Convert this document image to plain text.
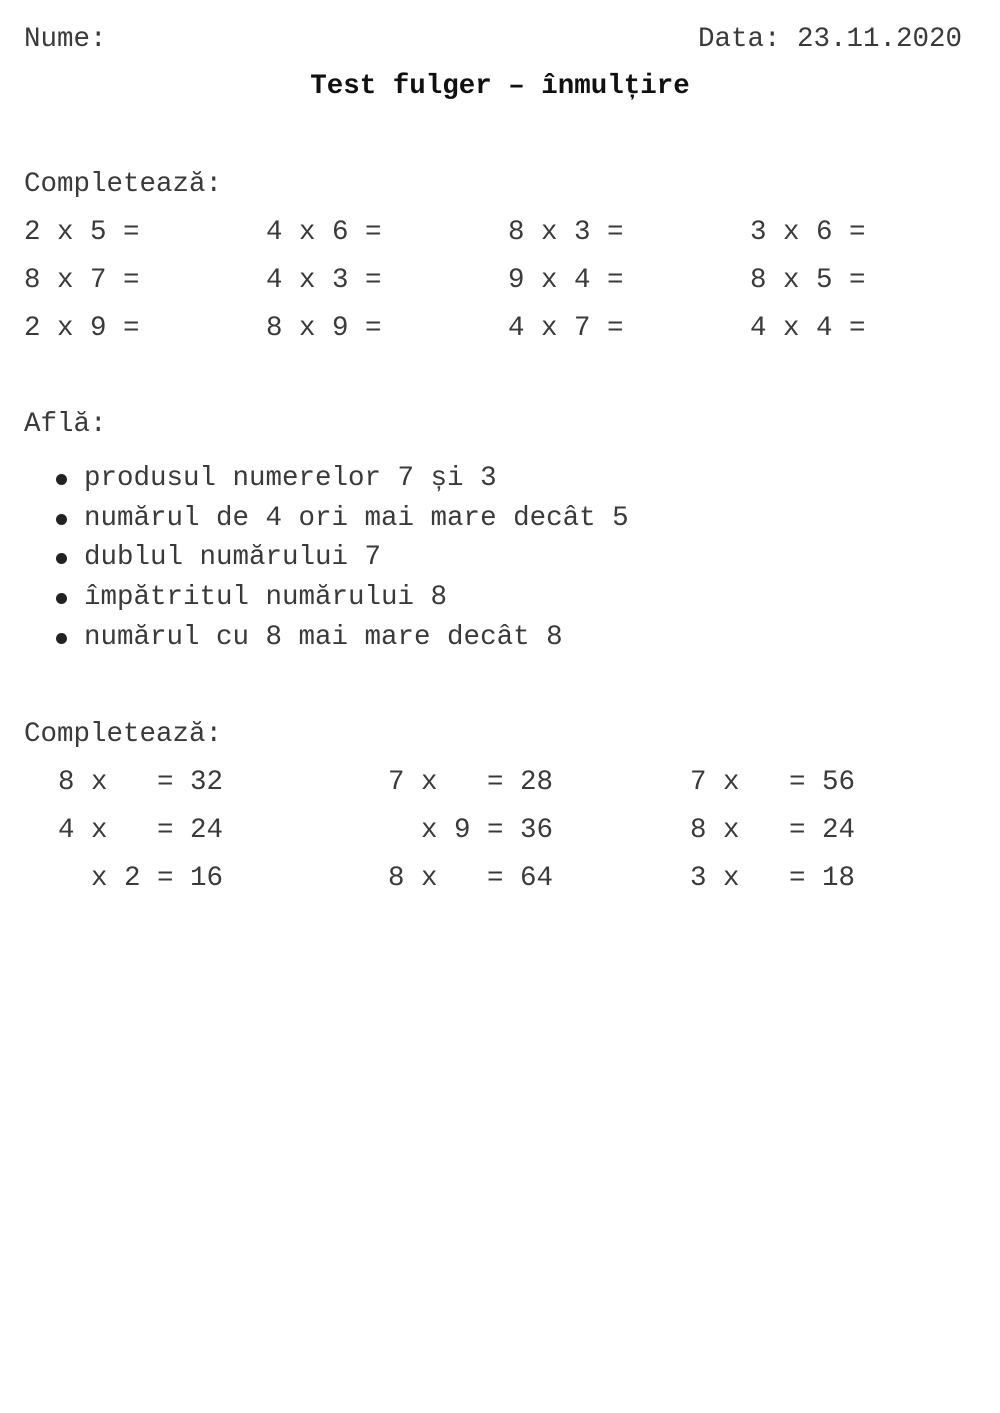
Nume:	Data: 23.11.2020
Test fulger – înmulțire
Completează:
2 x 5 =	4 x 6 =	8 x 3 =	3 x 6 =
8 x 7 =	4 x 3 =	9 x 4 =	8 x 5 =
2 x 9 =	8 x 9 =	4 x 7 =	4 x 4 =
Află:
produsul numerelor 7 și 3
numărul de 4 ori mai mare decât 5
dublul numărului 7
împătritul numărului 8
numărul cu 8 mai mare decât 8
Completează:
8 x   = 32	7 x   = 28	7 x   = 56
4 x   = 24	x 9 = 36	8 x   = 24
x 2 = 16	8 x   = 64	3 x   = 18
